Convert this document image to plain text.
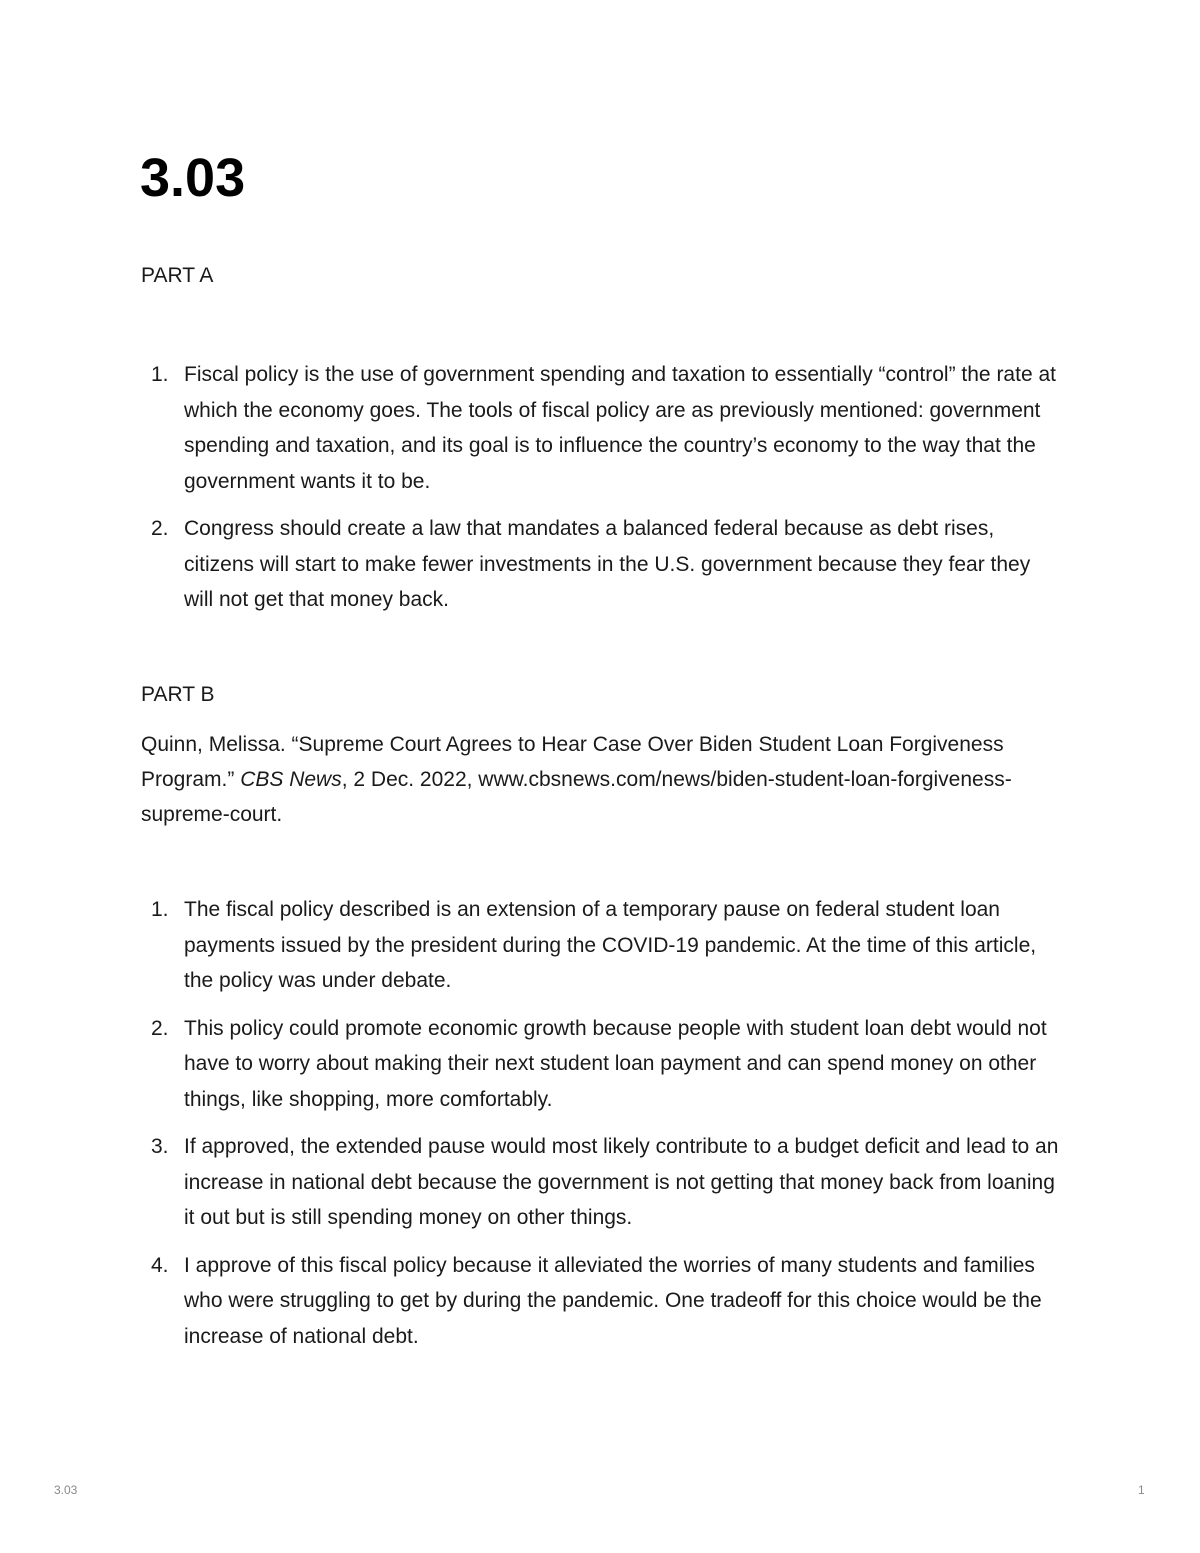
3.03
PART A
1. Fiscal policy is the use of government spending and taxation to essentially “control” the rate at which the economy goes. The tools of fiscal policy are as previously mentioned: government spending and taxation, and its goal is to influence the country’s economy to the way that the government wants it to be.
2. Congress should create a law that mandates a balanced federal because as debt rises, citizens will start to make fewer investments in the U.S. government because they fear they will not get that money back.
PART B

Quinn, Melissa. “Supreme Court Agrees to Hear Case Over Biden Student Loan Forgiveness Program.” CBS News, 2 Dec. 2022, www.cbsnews.com/news/biden-student-loan-forgiveness-supreme-court.

1. The fiscal policy described is an extension of a temporary pause on federal student loan payments issued by the president during the COVID-19 pandemic. At the time of this article, the policy was under debate.
2. This policy could promote economic growth because people with student loan debt would not have to worry about making their next student loan payment and can spend money on other things, like shopping, more comfortably.
3. If approved, the extended pause would most likely contribute to a budget deficit and lead to an increase in national debt because the government is not getting that money back from loaning it out but is still spending money on other things.
4. I approve of this fiscal policy because it alleviated the worries of many students and families who were struggling to get by during the pandemic. One tradeoff for this choice would be the increase of national debt.
3.03	1
